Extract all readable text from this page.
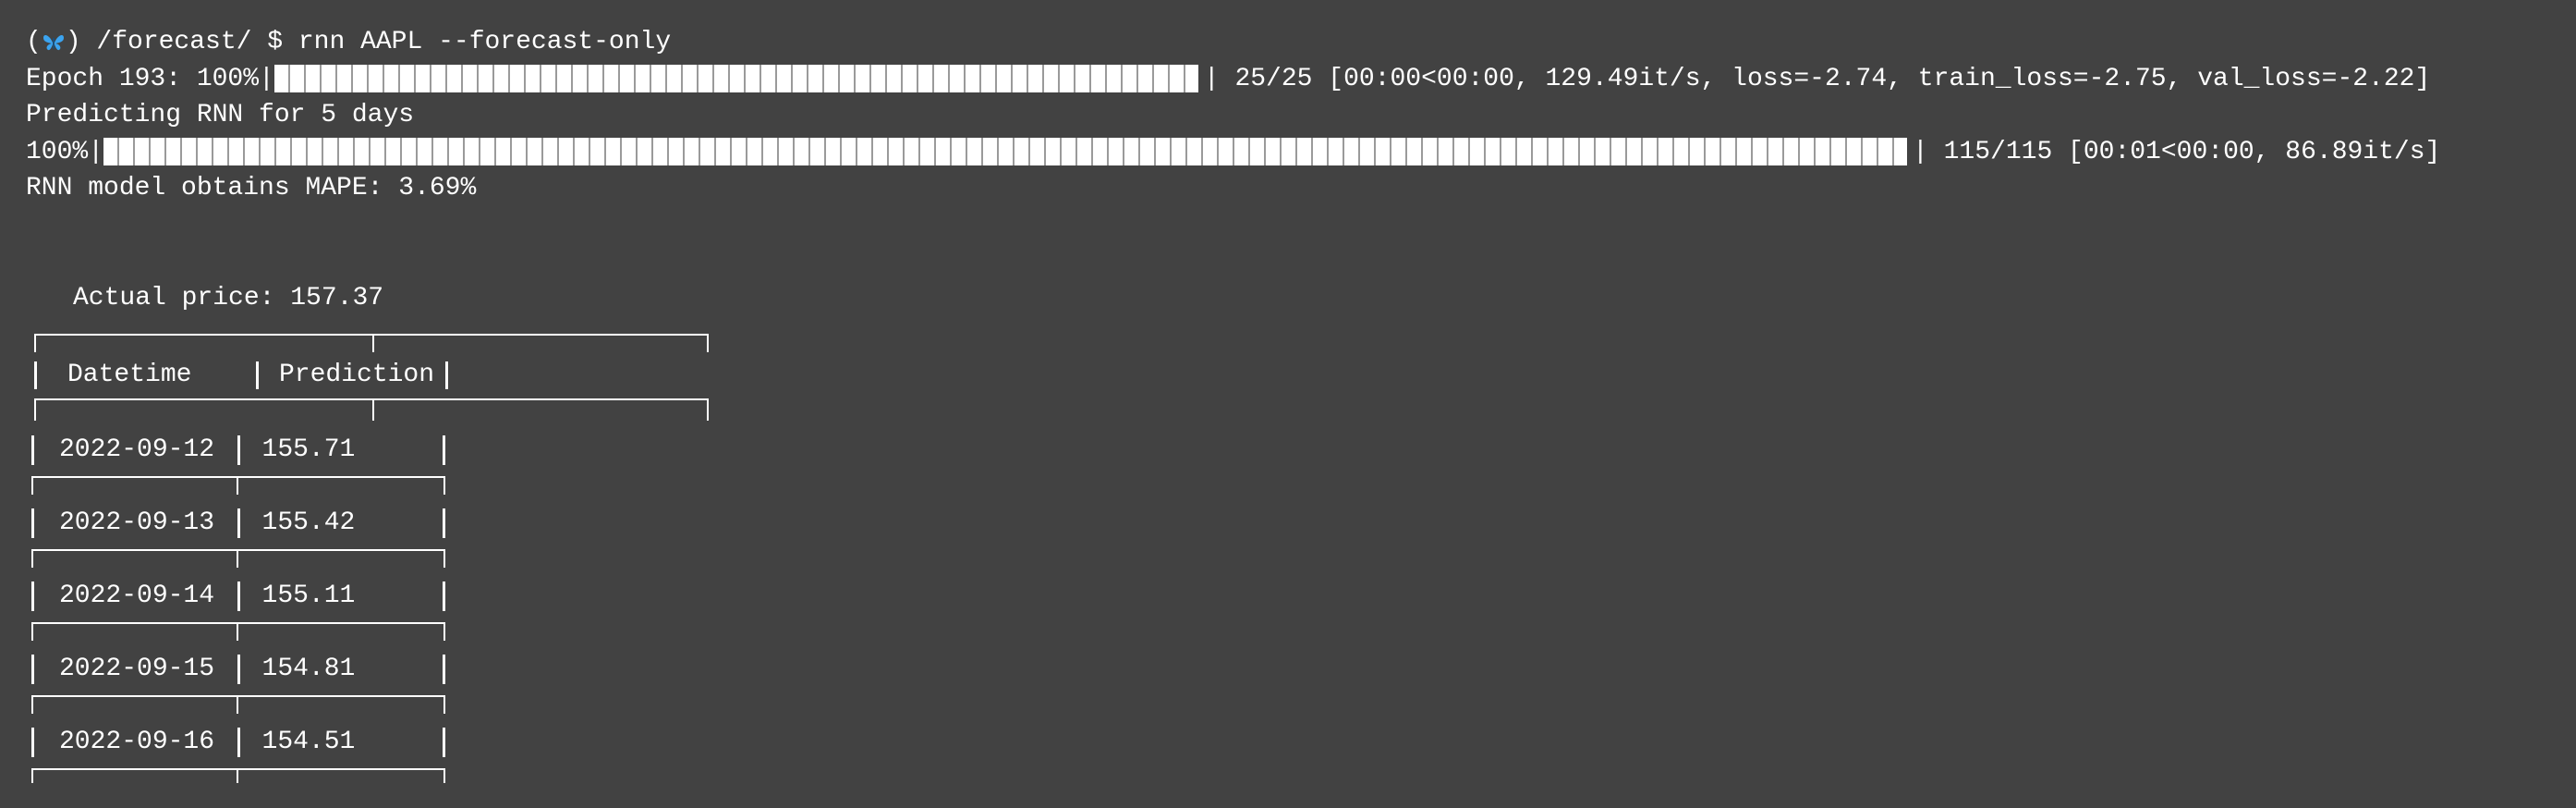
( ) /forecast/ $ rnn AAPL --forecast-only
Epoch 193: 100%|

	| 25/25 [00:00<00:00, 129.49it/s, loss=-2.74, train_loss=-2.75, val_loss=-2.22]
Predicting RNN for 5 days
100%|

	| 115/115 [00:01<00:00, 86.89it/s]
RNN model obtains MAPE: 3.69%
Actual price: 157.37
Datetime	Prediction
2022-09-12	155.71
2022-09-13	155.42
2022-09-14	155.11
2022-09-15	154.81
2022-09-16	154.51
